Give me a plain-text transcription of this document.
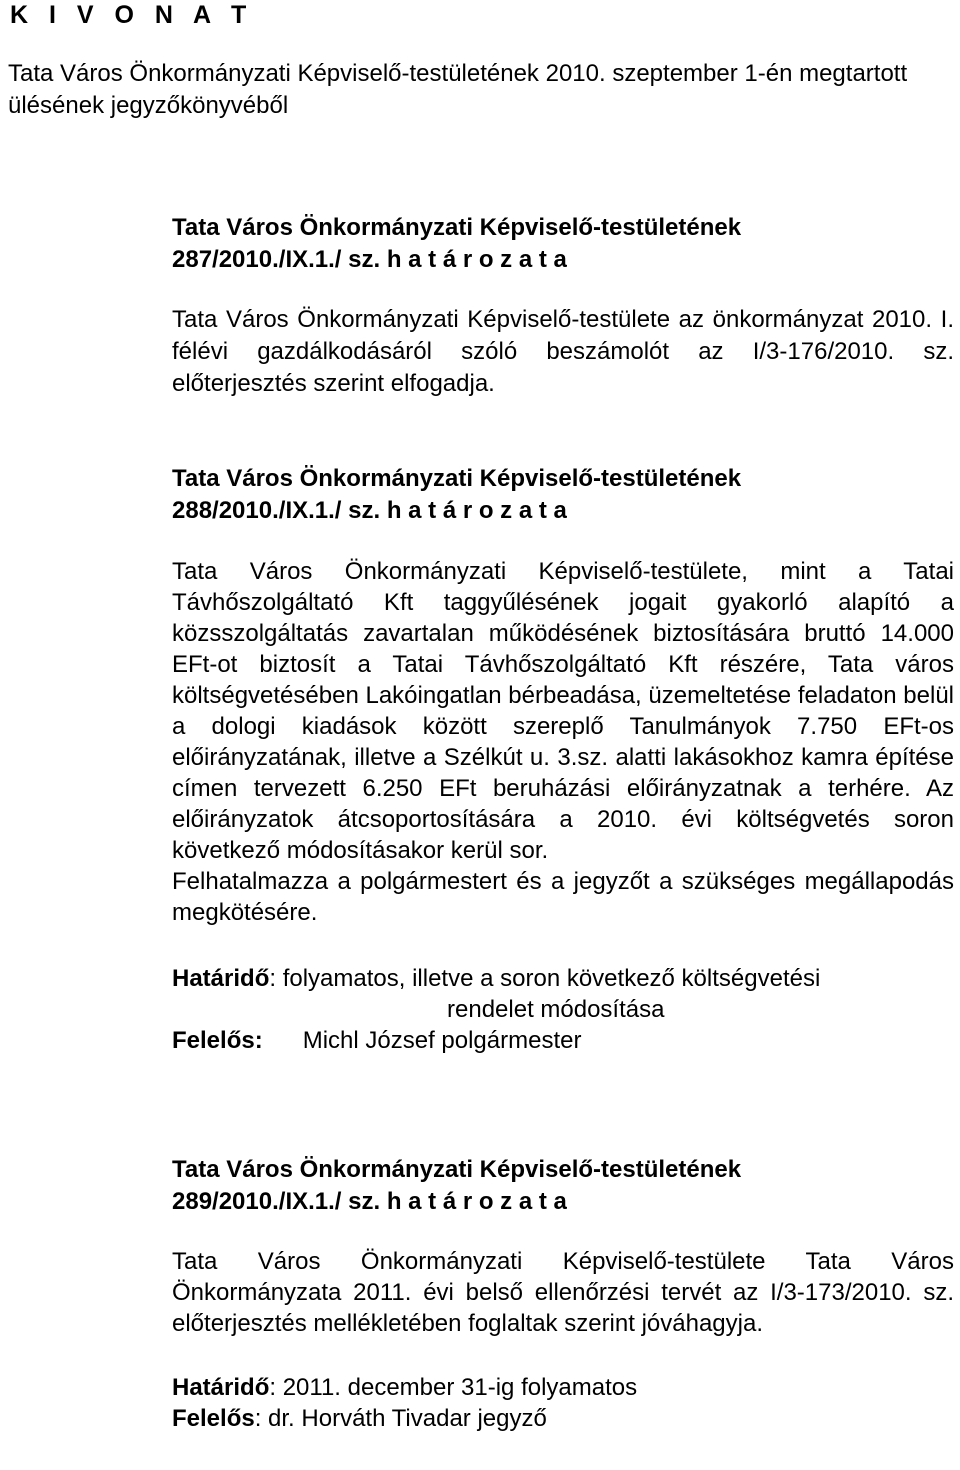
K I V O N A T

Tata Város Önkormányzati Képviselő-testületének 2010. szeptember 1-én megtartott ülésének jegyzőkönyvéből

Tata Város Önkormányzati Képviselő-testületének
287/2010./IX.1./ sz. h a t á r o z a t a

Tata Város Önkormányzati Képviselő-testülete az önkormányzat 2010. I. félévi gazdálkodásáról szóló beszámolót az I/3-176/2010. sz. előterjesztés szerint elfogadja.

Tata Város Önkormányzati Képviselő-testületének
288/2010./IX.1./ sz. h a t á r o z a t a

Tata Város Önkormányzati Képviselő-testülete, mint a Tatai Távhőszolgáltató Kft taggyűlésének jogait gyakorló alapító a közsszolgáltatás zavartalan működésének biztosítására bruttó 14.000 EFt-ot biztosít a Tatai Távhőszolgáltató Kft részére, Tata város költségvetésében Lakóingatlan bérbeadása, üzemeltetése feladaton belül a dologi kiadások között szereplő Tanulmányok 7.750 EFt-os előirányzatának, illetve a Szélkút u. 3.sz. alatti lakásokhoz kamra építése címen tervezett 6.250 EFt beruházási előirányzatnak a terhére. Az előirányzatok átcsoportosítására a 2010. évi költségvetés soron következő módosításakor kerül sor.

Felhatalmazza a polgármestert és a jegyzőt a szükséges megállapodás megkötésére.

Határidő: folyamatos, illetve a soron következő költségvetési
rendelet módosítása

Felelős: Michl József polgármester

Tata Város Önkormányzati Képviselő-testületének
289/2010./IX.1./ sz. h a t á r o z a t a

Tata Város Önkormányzati Képviselő-testülete Tata Város Önkormányzata 2011. évi belső ellenőrzési tervét az I/3-173/2010. sz. előterjesztés mellékletében foglaltak szerint jóváhagyja.

Határidő: 2011. december 31-ig folyamatos

Felelős: dr. Horváth Tivadar jegyző
